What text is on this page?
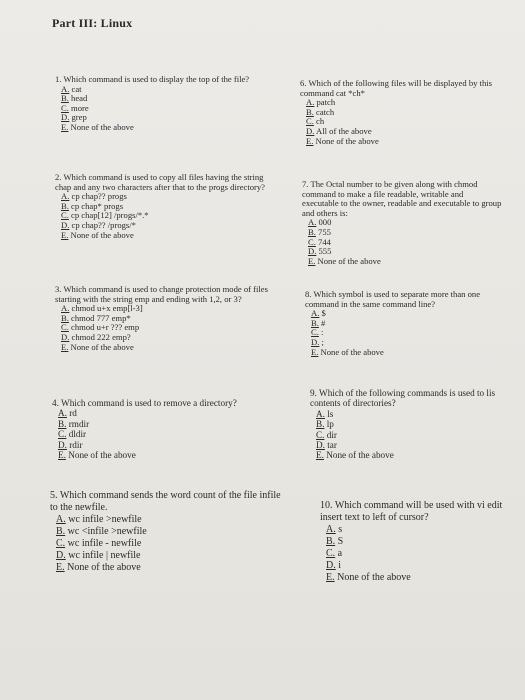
Part III: Linux
1. Which command is used to display the top of the file?
A. cat
B. head
C. more
D. grep
E. None of the above
2. Which command is used to copy all files having the string chap and any two characters after that to the progs directory?
A. cp chap?? progs
B. cp chap* progs
C. cp chap[12] /progs/*.*
D. cp chap?? /progs/*
E. None of the above
3. Which command is used to change protection mode of files starting with the string emp and ending with 1,2, or 3?
A. chmod u+x emp[l-3]
B. chmod 777 emp*
C. chmod u+r ??? emp
D. chmod 222 emp?
E. None of the above
4. Which command is used to remove a directory?
A. rd
B. rmdir
C. dldir
D. rdir
E. None of the above
5. Which command sends the word count of the file infile to the newfile.
A. wc infile >newfile
B. wc <infile >newfile
C. wc infile - newfile
D. wc infile | newfile
E. None of the above
6. Which of the following files will be displayed by this command cat *ch*
A. patch
B. catch
C. ch
D. All of the above
E. None of the above
7. The Octal number to be given along with chmod command to make a file readable, writable and executable to the owner, readable and executable to group and others is:
A. 000
B. 755
C. 744
D. 555
E. None of the above
8. Which symbol is used to separate more than one command in the same command line?
A. $
B. #
C. :
D. ;
E. None of the above
9. Which of the following commands is used to lis contents of directories?
A. ls
B. lp
C. dir
D. tar
E. None of the above
10. Which command will be used with vi edit insert text to left of cursor?
A. s
B. S
C. a
D. i
E. None of the above
